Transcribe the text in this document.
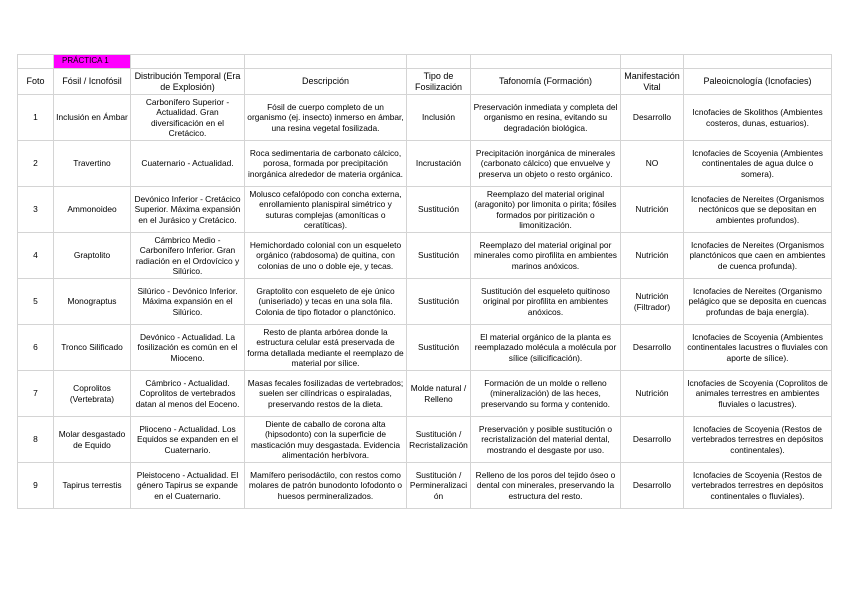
	PRÁCTICA 1						
Foto	Fósil / Icnofósil	Distribución Temporal (Era de Explosión)	Descripción	Tipo de Fosilización	Tafonomía (Formación)	Manifestación Vital	Paleoicnología (Icnofacies)
1	Inclusión en Ámbar	Carbonífero Superior - Actualidad. Gran diversificación en el Cretácico.	Fósil de cuerpo completo de un organismo (ej. insecto) inmerso en ámbar, una resina vegetal fosilizada.	Inclusión	Preservación inmediata y completa del organismo en resina, evitando su degradación biológica.	Desarrollo	Icnofacies de Skolithos (Ambientes costeros, dunas, estuarios).
2	Travertino	Cuaternario - Actualidad.	Roca sedimentaria de carbonato cálcico, porosa, formada por precipitación inorgánica alrededor de materia orgánica.	Incrustación	Precipitación inorgánica de minerales (carbonato cálcico) que envuelve y preserva un objeto o resto orgánico.	NO	Icnofacies de Scoyenia (Ambientes continentales de agua dulce o somera).
3	Ammonoideo	Devónico Inferior - Cretácico Superior. Máxima expansión en el Jurásico y Cretácico.	Molusco cefalópodo con concha externa, enrollamiento planispiral simétrico y suturas complejas (amoníticas o ceratíticas).	Sustitución	Reemplazo del material original (aragonito) por limonita o pirita; fósiles formados por piritización o limonitización.	Nutrición	Icnofacies de Nereites (Organismos nectónicos que se depositan en ambientes profundos).
4	Graptolito	Cámbrico Medio - Carbonífero Inferior. Gran radiación en el Ordovícico y Silúrico.	Hemichordado colonial con un esqueleto orgánico (rabdosoma) de quitina, con colonias de uno o doble eje, y tecas.	Sustitución	Reemplazo del material original por minerales como pirofilita en ambientes marinos anóxicos.	Nutrición	Icnofacies de Nereites (Organismos planctónicos que caen en ambientes de cuenca profunda).
5	Monograptus	Silúrico - Devónico Inferior. Máxima expansión en el Silúrico.	Graptolito con esqueleto de eje único (uniseriado) y tecas en una sola fila. Colonia de tipo flotador o planctónico.	Sustitución	Sustitución del esqueleto quitinoso original por pirofilita en ambientes anóxicos.	Nutrición (Filtrador)	Icnofacies de Nereites (Organismo pelágico que se deposita en cuencas profundas de baja energía).
6	Tronco Silificado	Devónico - Actualidad. La fosilización es común en el Mioceno.	Resto de planta arbórea donde la estructura celular está preservada de forma detallada mediante el reemplazo de material por sílice.	Sustitución	El material orgánico de la planta es reemplazado molécula a molécula por sílice (silicificación).	Desarrollo	Icnofacies de Scoyenia (Ambientes continentales lacustres o fluviales con aporte de sílice).
7	Coprolitos (Vertebrata)	Cámbrico - Actualidad. Coprolitos de vertebrados datan al menos del Eoceno.	Masas fecales fosilizadas de vertebrados; suelen ser cilíndricas o espiraladas, preservando restos de la dieta.	Molde natural / Relleno	Formación de un molde o relleno (mineralización) de las heces, preservando su forma y contenido.	Nutrición	Icnofacies de Scoyenia (Coprolitos de animales terrestres en ambientes fluviales o lacustres).
8	Molar desgastado de Equido	Plioceno - Actualidad. Los Equidos se expanden en el Cuaternario.	Diente de caballo de corona alta (hipsodonto) con la superficie de masticación muy desgastada. Evidencia alimentación herbívora.	Sustitución / Recristalización	Preservación y posible sustitución o recristalización del material dental, mostrando el desgaste por uso.	Desarrollo	Icnofacies de Scoyenia (Restos de vertebrados terrestres en depósitos continentales).
9	Tapirus terrestis	Pleistoceno - Actualidad. El género Tapirus se expande en el Cuaternario.	Mamífero perisodáctilo, con restos como molares de patrón bunodonto lofodonto o huesos permineralizados.	Sustitución / Permineralización	Relleno de los poros del tejido óseo o dental con minerales, preservando la estructura del resto.	Desarrollo	Icnofacies de Scoyenia (Restos de vertebrados terrestres en depósitos continentales o fluviales).
